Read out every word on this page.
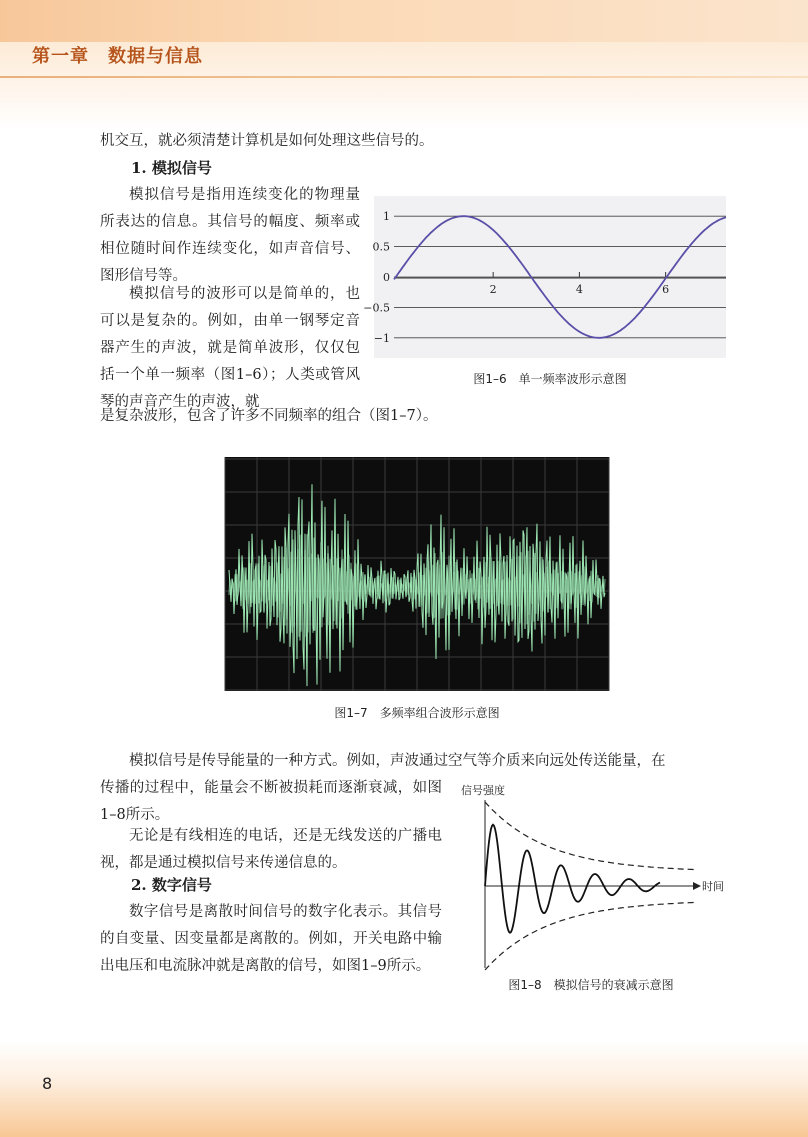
第一章　数据与信息

机交互，就必须清楚计算机是如何处理这些信号的。

1. 模拟信号

模拟信号是指用连续变化的物理量所表达的信息。其信号的幅度、频率或相位随时间作连续变化，如声音信号、图形信号等。

模拟信号的波形可以是简单的，也可以是复杂的。例如，由单一钢琴定音器产生的声波，就是简单波形，仅仅包括一个单一频率（图1–6）；人类或管风琴的声音产生的声波，就

是复杂波形，包含了许多不同频率的组合（图1–7）。

1
0.5
0
−0.5
−1
2	4	6
图1–6　单一频率波形示意图
图1–7　多频率组合波形示意图

模拟信号是传导能量的一种方式。例如，声波通过空气等介质来向远处传送能量，在

传播的过程中，能量会不断被损耗而逐渐衰减，如图1–8所示。

无论是有线相连的电话，还是无线发送的广播电视，都是通过模拟信号来传递信息的。

2. 数字信号

数字信号是离散时间信号的数字化表示。其信号的自变量、因变量都是离散的。例如，开关电路中输出电压和电流脉冲就是离散的信号，如图1–9所示。

信号强度
时间
图1–8　模拟信号的衰减示意图
8
